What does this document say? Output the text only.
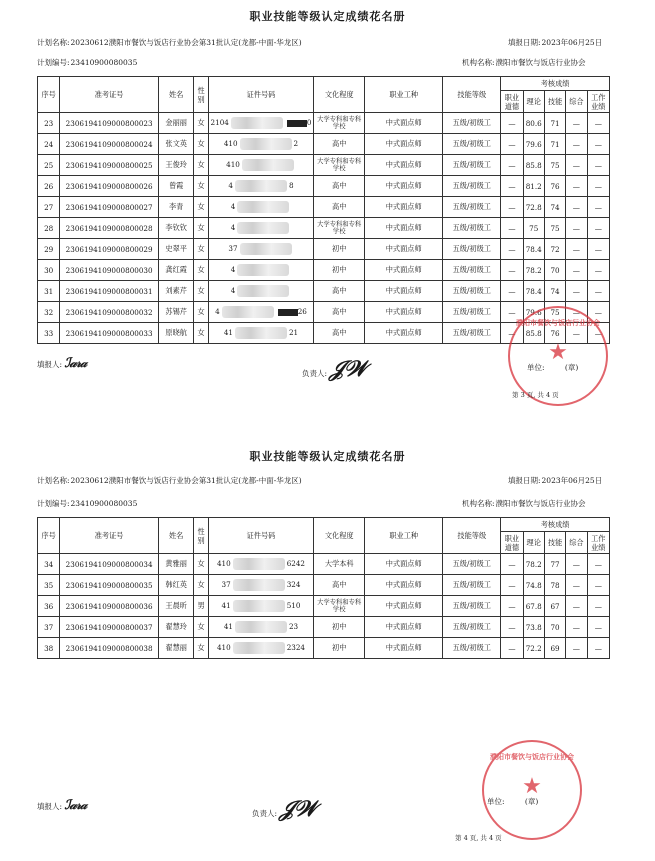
职业技能等级认定成绩花名册
计划名称:20230612濮阳市餐饮与饭店行业协会第31批认定(龙都-中面-华龙区)	填报日期:2023年06月25日
计划编号:23410900080035	机构名称:濮阳市餐饮与饭店行业协会
序号	准考证号	姓名	性别	证件号码	文化程度	职业工种	技能等级	考核成绩				
								职业道德	理论	技能	综合	工作业绩
23	2306194109000800023	金丽丽	女	2104 0	大学专科和专科学校	中式面点师	五级/初级工	—	80.6	71	—	—
24	2306194109000800024	张文英	女	410 2	高中	中式面点师	五级/初级工	—	79.6	71	—	—
25	2306194109000800025	王俊玲	女	410	大学专科和专科学校	中式面点师	五级/初级工	—	85.8	75	—	—
26	2306194109000800026	曾霞	女	4 8	高中	中式面点师	五级/初级工	—	81.2	76	—	—
27	2306194109000800027	李青	女	4	高中	中式面点师	五级/初级工	—	72.8	74	—	—
28	2306194109000800028	李钦钦	女	4	大学专科和专科学校	中式面点师	五级/初级工	—	75	75	—	—
29	2306194109000800029	史翠平	女	37	初中	中式面点师	五级/初级工	—	78.4	72	—	—
30	2306194109000800030	龚红霞	女	4	初中	中式面点师	五级/初级工	—	78.2	70	—	—
31	2306194109000800031	刘素芹	女	4	高中	中式面点师	五级/初级工	—	78.4	74	—	—
32	2306194109000800032	苏锡芹	女	4 26	高中	中式面点师	五级/初级工	—	79.6	75	—	—
33	2306194109000800033	原晓航	女	41 21	高中	中式面点师	五级/初级工	—	85.8	76	—	—
填报人: ℐ𝒶𝓇𝒶
负责人: 𝒥𝒲	单位:	(章)
濮阳市餐饮与饭店行业协会
★
第 3 页, 共 4 页
职业技能等级认定成绩花名册
计划名称:20230612濮阳市餐饮与饭店行业协会第31批认定(龙都-中面-华龙区)	填报日期:2023年06月25日
计划编号:23410900080035	机构名称:濮阳市餐饮与饭店行业协会
序号	准考证号	姓名	性别	证件号码	文化程度	职业工种	技能等级	考核成绩				
								职业道德	理论	技能	综合	工作业绩
34	2306194109000800034	黄雅丽	女	410 6242	大学本科	中式面点师	五级/初级工	—	78.2	77	—	—
35	2306194109000800035	韩红英	女	37 324	高中	中式面点师	五级/初级工	—	74.8	78	—	—
36	2306194109000800036	王晨昕	男	41 510	大学专科和专科学校	中式面点师	五级/初级工	—	67.8	67	—	—
37	2306194109000800037	翟慧玲	女	41 23	初中	中式面点师	五级/初级工	—	73.8	70	—	—
38	2306194109000800038	翟慧丽	女	410 2324	初中	中式面点师	五级/初级工	—	72.2	69	—	—
填报人: ℐ𝒶𝓇𝒶
负责人: 𝒥𝒲	单位:	(章)
濮阳市餐饮与饭店行业协会
★
第 4 页, 共 4 页
